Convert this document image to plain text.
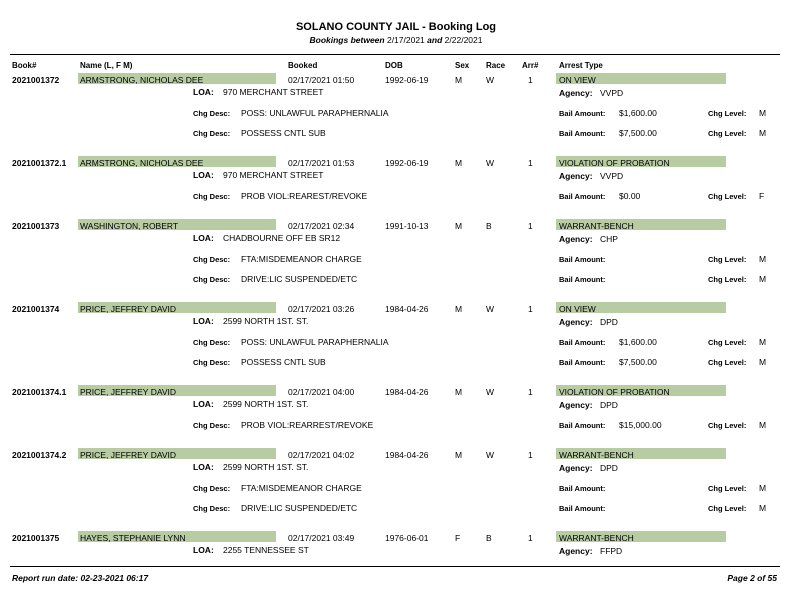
SOLANO COUNTY JAIL - Booking Log
Bookings between 2/17/2021 and 2/22/2021
Book#	Name (L, F M)	Booked	DOB	Sex Race Arr#	Arrest Type
2021001372 ARMSTRONG, NICHOLAS DEE	02/17/2021 01:50	1992-06-19	M	W	1	ON VIEW
LOA: 970 MERCHANT STREET	Agency: VVPD
Chg Desc: POSS: UNLAWFUL PARAPHERNALIA	Bail Amount: $1,600.00	Chg Level: M
Chg Desc: POSSESS CNTL SUB	Bail Amount: $7,500.00	Chg Level: M
2021001372.1 ARMSTRONG, NICHOLAS DEE	02/17/2021 01:53	1992-06-19	M	W	1	VIOLATION OF PROBATION
LOA: 970 MERCHANT STREET	Agency: VVPD
Chg Desc: PROB VIOL:REAREST/REVOKE	Bail Amount: $0.00	Chg Level: F
2021001373 WASHINGTON, ROBERT	02/17/2021 02:34	1991-10-13	M	B	1	WARRANT-BENCH
LOA: CHADBOURNE OFF EB SR12	Agency: CHP
Chg Desc: FTA:MISDEMEANOR CHARGE	Bail Amount:	Chg Level: M
Chg Desc: DRIVE:LIC SUSPENDED/ETC	Bail Amount:	Chg Level: M
2021001374 PRICE, JEFFREY DAVID	02/17/2021 03:26	1984-04-26	M	W	1	ON VIEW
LOA: 2599 NORTH 1ST. ST.	Agency: DPD
Chg Desc: POSS: UNLAWFUL PARAPHERNALIA	Bail Amount: $1,600.00	Chg Level: M
Chg Desc: POSSESS CNTL SUB	Bail Amount: $7,500.00	Chg Level: M
2021001374.1 PRICE, JEFFREY DAVID	02/17/2021 04:00	1984-04-26	M	W	1	VIOLATION OF PROBATION
LOA: 2599 NORTH 1ST. ST.	Agency: DPD
Chg Desc: PROB VIOL:REARREST/REVOKE	Bail Amount: $15,000.00	Chg Level: M
2021001374.2 PRICE, JEFFREY DAVID	02/17/2021 04:02	1984-04-26	M	W	1	WARRANT-BENCH
LOA: 2599 NORTH 1ST. ST.	Agency: DPD
Chg Desc: FTA:MISDEMEANOR CHARGE	Bail Amount:	Chg Level: M
Chg Desc: DRIVE:LIC SUSPENDED/ETC	Bail Amount:	Chg Level: M
2021001375 HAYES, STEPHANIE LYNN	02/17/2021 03:49	1976-06-01	F	B	1	WARRANT-BENCH
LOA: 2255 TENNESSEE ST	Agency: FFPD
Report run date: 02-23-2021 06:17	Page 2 of 55
